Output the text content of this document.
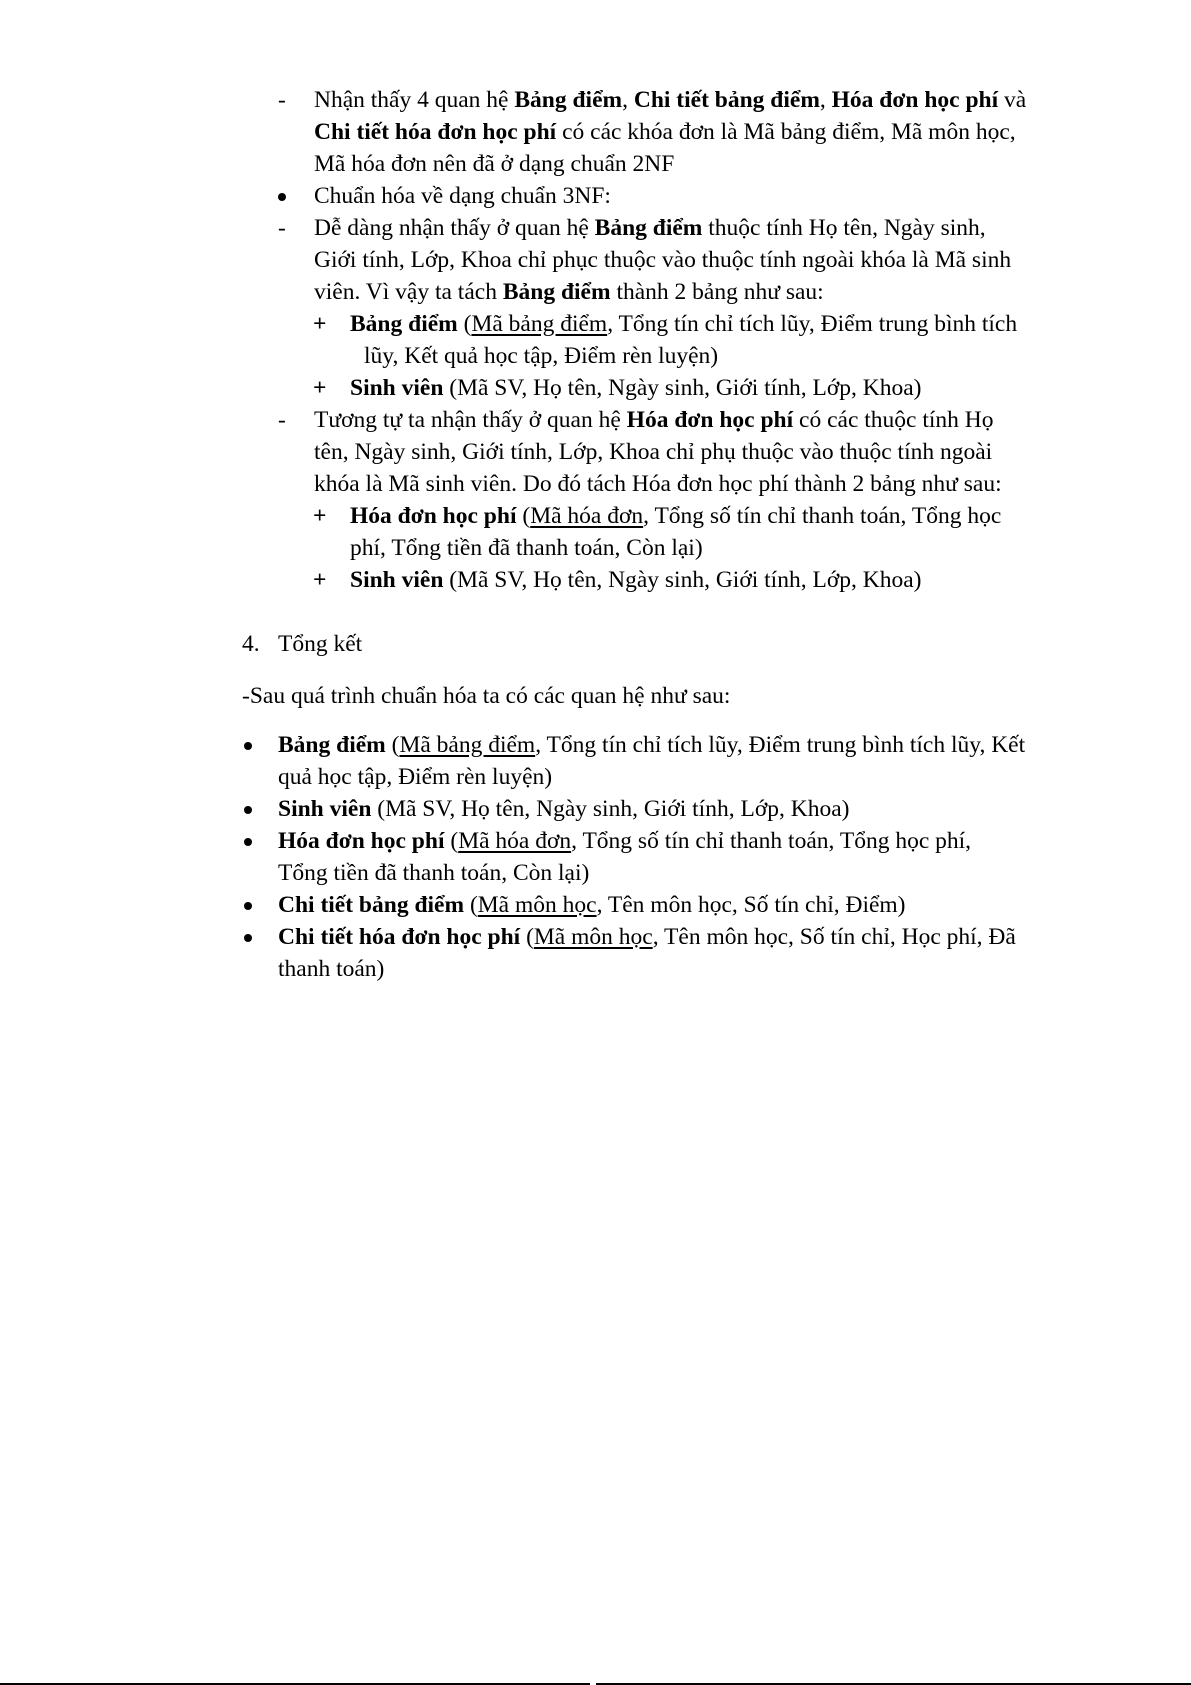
- Nhận thấy 4 quan hệ Bảng điểm, Chi tiết bảng điểm, Hóa đơn học phí và
Chi tiết hóa đơn học phí có các khóa đơn là Mã bảng điểm, Mã môn học,
Mã hóa đơn nên đã ở dạng chuẩn 2NF
Chuẩn hóa về dạng chuẩn 3NF:
- Dễ dàng nhận thấy ở quan hệ Bảng điểm thuộc tính Họ tên, Ngày sinh,
Giới tính, Lớp, Khoa chỉ phục thuộc vào thuộc tính ngoài khóa là Mã sinh
viên. Vì vậy ta tách Bảng điểm thành 2 bảng như sau:
+ Bảng điểm (Mã bảng điểm, Tổng tín chỉ tích lũy, Điểm trung bình tích
lũy, Kết quả học tập, Điểm rèn luyện)
+ Sinh viên (Mã SV, Họ tên, Ngày sinh, Giới tính, Lớp, Khoa)
- Tương tự ta nhận thấy ở quan hệ Hóa đơn học phí có các thuộc tính Họ
tên, Ngày sinh, Giới tính, Lớp, Khoa chỉ phụ thuộc vào thuộc tính ngoài
khóa là Mã sinh viên. Do đó tách Hóa đơn học phí thành 2 bảng như sau:
+ Hóa đơn học phí (Mã hóa đơn, Tổng số tín chỉ thanh toán, Tổng học
phí, Tổng tiền đã thanh toán, Còn lại)
+ Sinh viên (Mã SV, Họ tên, Ngày sinh, Giới tính, Lớp, Khoa)
4. Tổng kết
-Sau quá trình chuẩn hóa ta có các quan hệ như sau:
Bảng điểm (Mã bảng điểm, Tổng tín chỉ tích lũy, Điểm trung bình tích lũy, Kết
quả học tập, Điểm rèn luyện)
Sinh viên (Mã SV, Họ tên, Ngày sinh, Giới tính, Lớp, Khoa)
Hóa đơn học phí (Mã hóa đơn, Tổng số tín chỉ thanh toán, Tổng học phí,
Tổng tiền đã thanh toán, Còn lại)
Chi tiết bảng điểm (Mã môn học, Tên môn học, Số tín chỉ, Điểm)
Chi tiết hóa đơn học phí (Mã môn học, Tên môn học, Số tín chỉ, Học phí, Đã
thanh toán)
